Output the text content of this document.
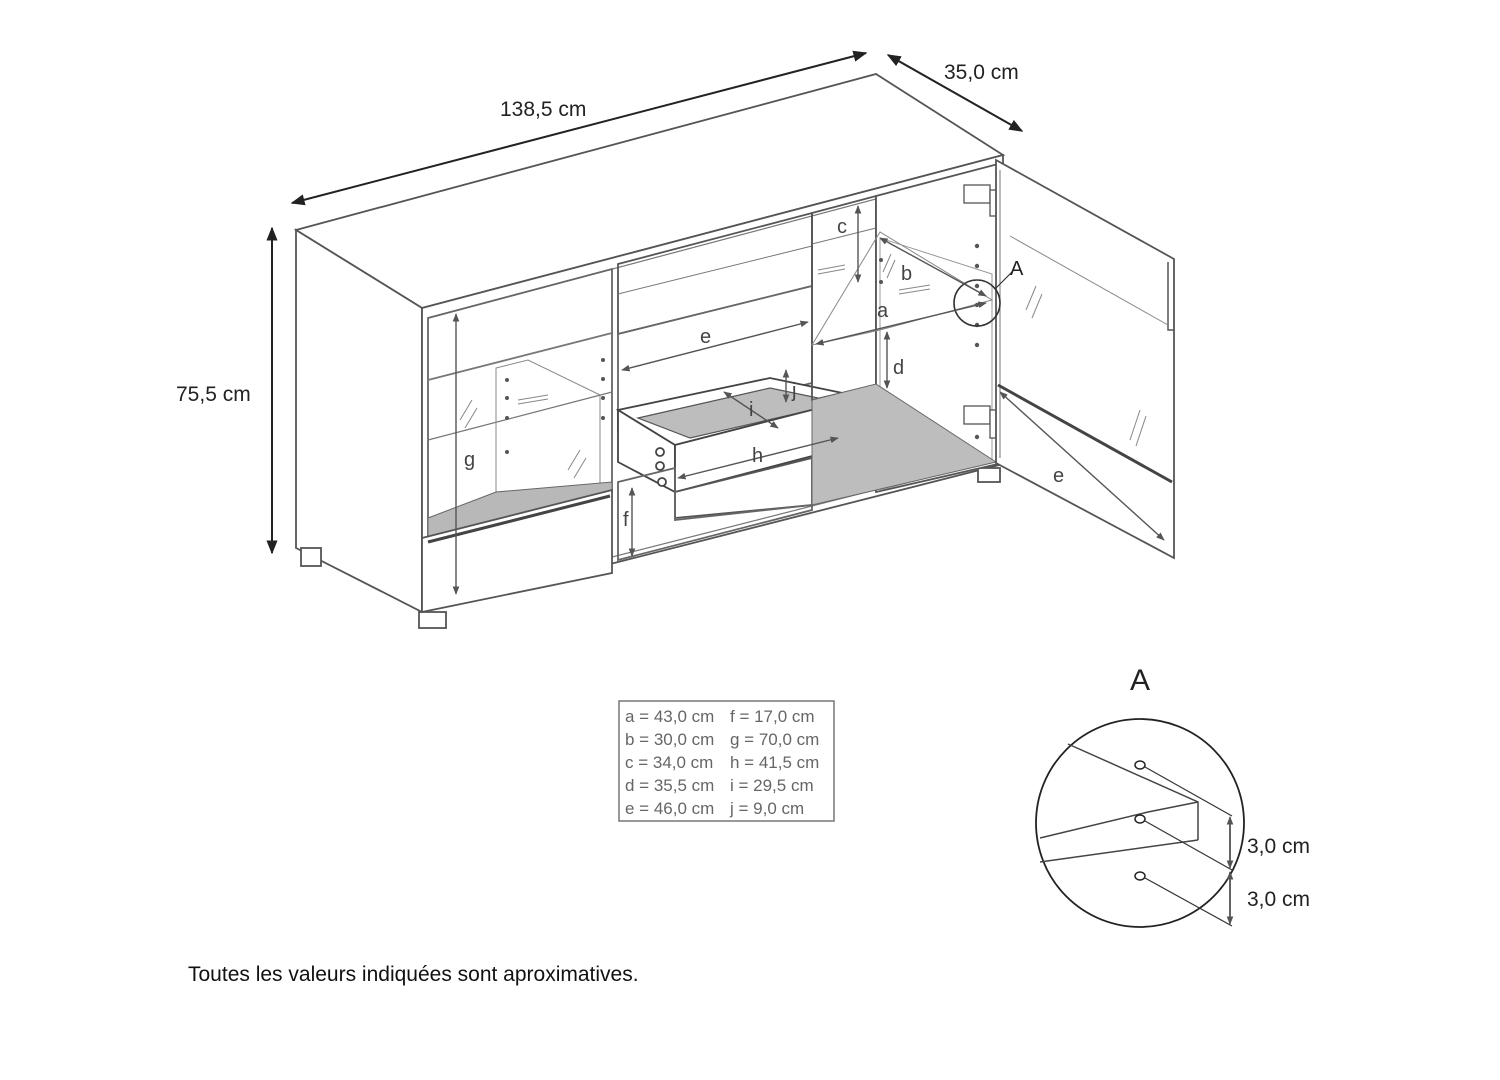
138,5 cm
35,0 cm
75,5 cm
A
a
b
c
d
e
e
f
g	h
i
j
a = 43,0 cm f = 17,0 cm
b = 30,0 cm g = 70,0 cm
c = 34,0 cm h = 41,5 cm
d = 35,5 cm i = 29,5 cm
e = 46,0 cm j = 9,0 cm
A
3,0 cm
3,0 cm
Toutes les valeurs indiquées sont aproximatives.
